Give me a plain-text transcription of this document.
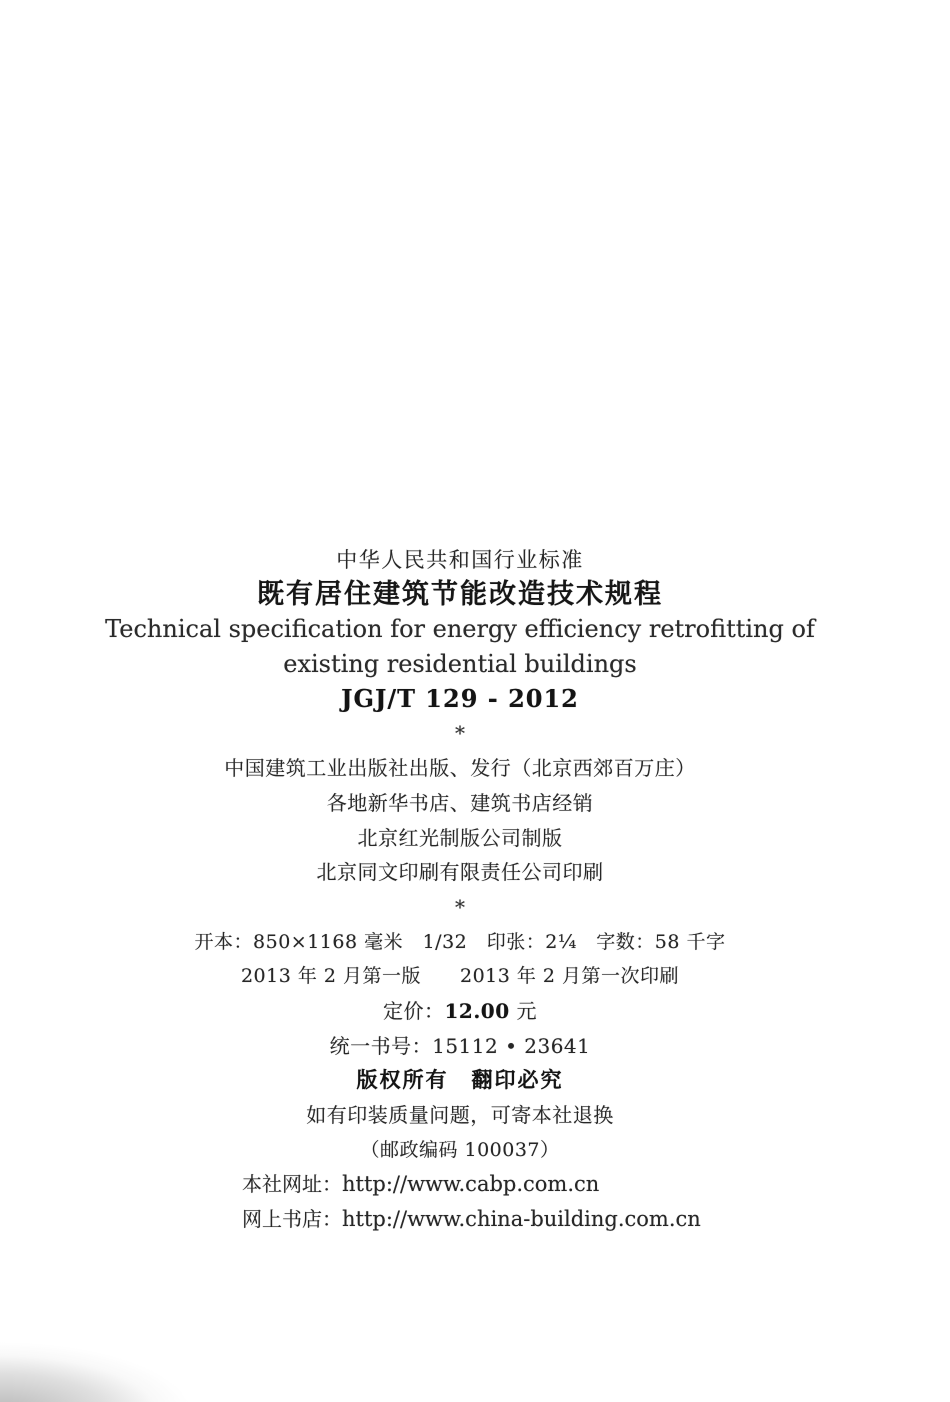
中华人民共和国行业标准
既有居住建筑节能改造技术规程
Technical specification for energy efficiency retrofitting of
existing residential buildings
JGJ/T 129 - 2012
*
中国建筑工业出版社出版、发行（北京西郊百万庄）
各地新华书店、建筑书店经销
北京红光制版公司制版
北京同文印刷有限责任公司印刷
*
开本：850×1168 毫米　1/32　印张：2¼　字数：58 千字
2013 年 2 月第一版　　2013 年 2 月第一次印刷
定价：12.00 元
统一书号：15112 • 23641
版权所有　翻印必究
如有印装质量问题，可寄本社退换
（邮政编码 100037）
本社网址：http://www.cabp.com.cn
网上书店：http://www.china-building.com.cn
